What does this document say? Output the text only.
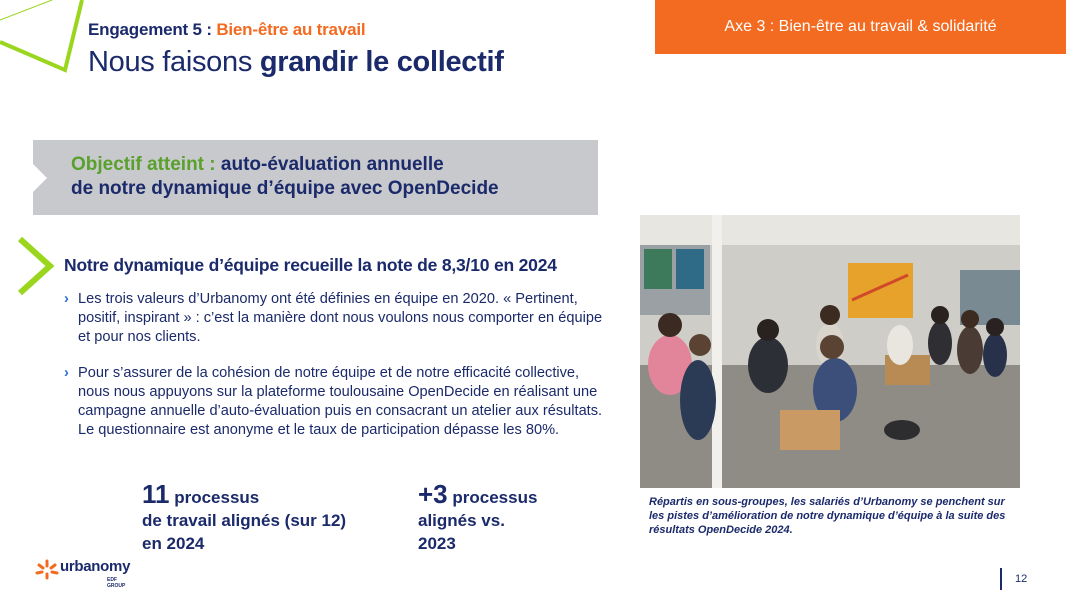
Engagement 5 : Bien-être au travail
Nous faisons grandir le collectif
Axe 3 : Bien-être au travail & solidarité
Objectif atteint : auto-évaluation annuelle
de notre dynamique d’équipe avec OpenDecide
Notre dynamique d’équipe recueille la note de 8,3/10 en 2024
› Les trois valeurs d’Urbanomy ont été définies en équipe en 2020. « Pertinent, positif, inspirant » : c’est la manière dont nous voulons nous comporter en équipe et pour nos clients.
› Pour s’assurer de la cohésion de notre équipe et de notre efficacité collective, nous nous appuyons sur la plateforme toulousaine OpenDecide en réalisant une campagne annuelle d’auto-évaluation puis en consacrant un atelier aux résultats. Le questionnaire est anonyme et le taux de participation dépasse les 80%.
11 processus
de travail alignés (sur 12)
en 2024
+3 processus
alignés vs.
2023
Répartis en sous-groupes, les salariés d’Urbanomy se penchent sur les pistes d’amélioration de notre dynamique d’équipe à la suite des résultats OpenDecide 2024.
urbanomy
EDF GROUP
12
